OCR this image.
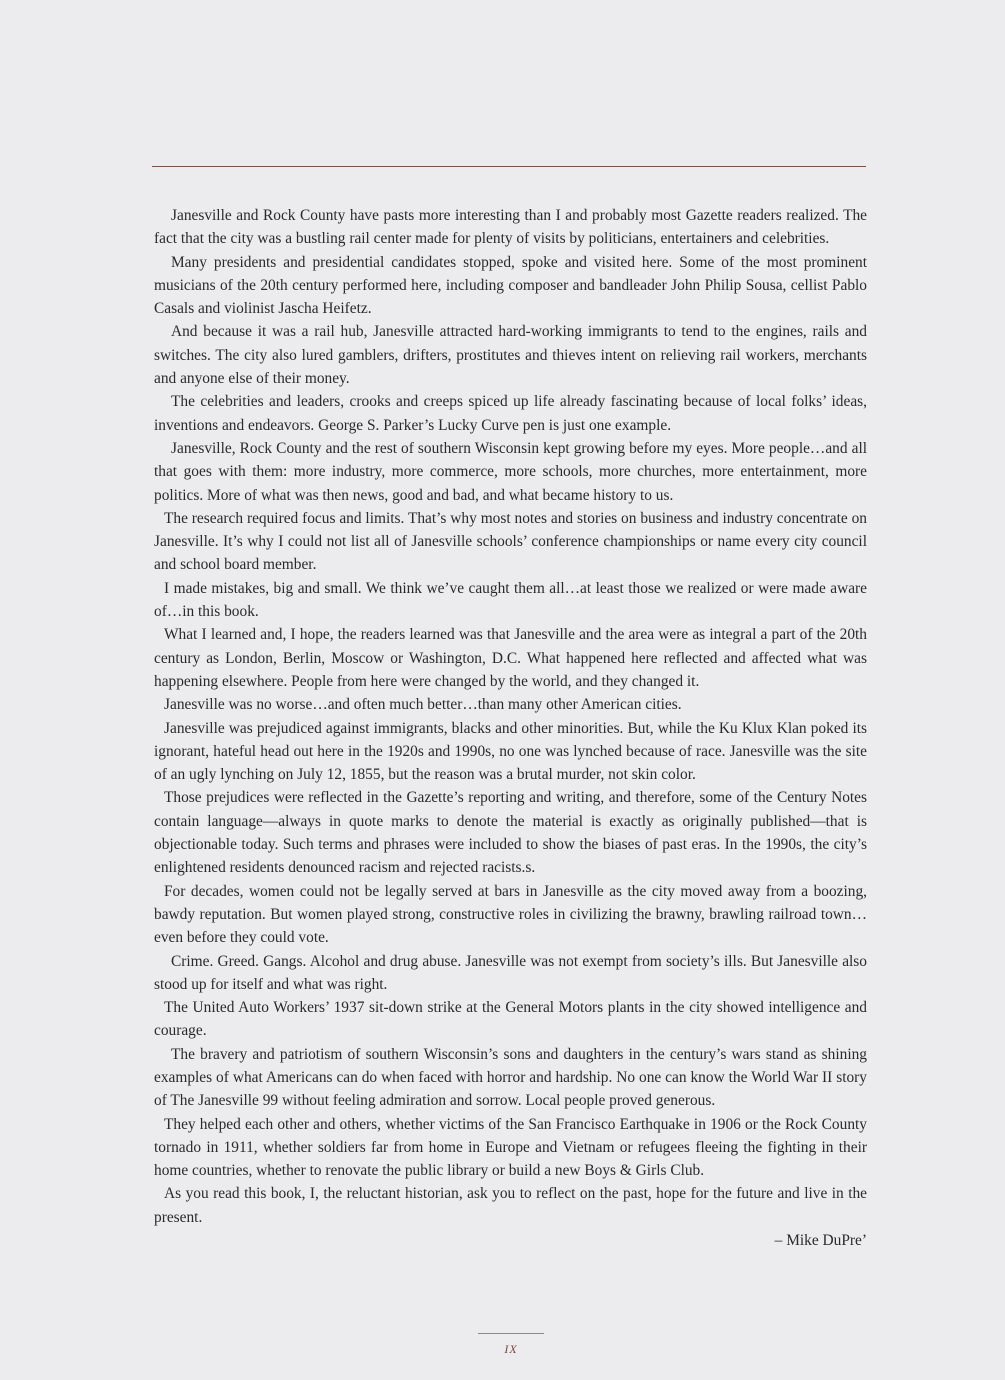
Janesville and Rock County have pasts more interesting than I and probably most Gazette readers realized. The fact that the city was a bustling rail center made for plenty of visits by politicians, entertainers and celebrities.

Many presidents and presidential candidates stopped, spoke and visited here. Some of the most prominent musicians of the 20th century performed here, including composer and bandleader John Philip Sousa, cellist Pablo Casals and violinist Jascha Heifetz.

And because it was a rail hub, Janesville attracted hard-working immigrants to tend to the engines, rails and switches. The city also lured gamblers, drifters, prostitutes and thieves intent on relieving rail workers, merchants and anyone else of their money.

The celebrities and leaders, crooks and creeps spiced up life already fascinating because of local folks’ ideas, inventions and endeavors. George S. Parker’s Lucky Curve pen is just one example.

Janesville, Rock County and the rest of southern Wisconsin kept growing before my eyes. More people…and all that goes with them: more industry, more commerce, more schools, more churches, more entertainment, more politics. More of what was then news, good and bad, and what became history to us.

The research required focus and limits. That’s why most notes and stories on business and industry concentrate on Janesville. It’s why I could not list all of Janesville schools’ conference championships or name every city council and school board member.

I made mistakes, big and small. We think we’ve caught them all…at least those we realized or were made aware of…in this book.

What I learned and, I hope, the readers learned was that Janesville and the area were as integral a part of the 20th century as London, Berlin, Moscow or Washington, D.C. What happened here reflected and affected what was happening elsewhere. People from here were changed by the world, and they changed it.

Janesville was no worse…and often much better…than many other American cities.

Janesville was prejudiced against immigrants, blacks and other minorities. But, while the Ku Klux Klan poked its ignorant, hateful head out here in the 1920s and 1990s, no one was lynched because of race. Janesville was the site of an ugly lynching on July 12, 1855, but the reason was a brutal murder, not skin color.

Those prejudices were reflected in the Gazette’s reporting and writing, and therefore, some of the Century Notes contain language—always in quote marks to denote the material is exactly as originally published—that is objectionable today. Such terms and phrases were included to show the biases of past eras. In the 1990s, the city’s enlightened residents denounced racism and rejected racists.s.

For decades, women could not be legally served at bars in Janesville as the city moved away from a boozing, bawdy reputation. But women played strong, constructive roles in civilizing the brawny, brawling railroad town…even before they could vote.

Crime. Greed. Gangs. Alcohol and drug abuse. Janesville was not exempt from society’s ills. But Janesville also stood up for itself and what was right.

The United Auto Workers’ 1937 sit-down strike at the General Motors plants in the city showed intelligence and courage.

The bravery and patriotism of southern Wisconsin’s sons and daughters in the century’s wars stand as shining examples of what Americans can do when faced with horror and hardship. No one can know the World War II story of The Janesville 99 without feeling admiration and sorrow. Local people proved generous.

They helped each other and others, whether victims of the San Francisco Earthquake in 1906 or the Rock County tornado in 1911, whether soldiers far from home in Europe and Vietnam or refugees fleeing the fighting in their home countries, whether to renovate the public library or build a new Boys & Girls Club.

As you read this book, I, the reluctant historian, ask you to reflect on the past, hope for the future and live in the present.

– Mike DuPre’

IX
